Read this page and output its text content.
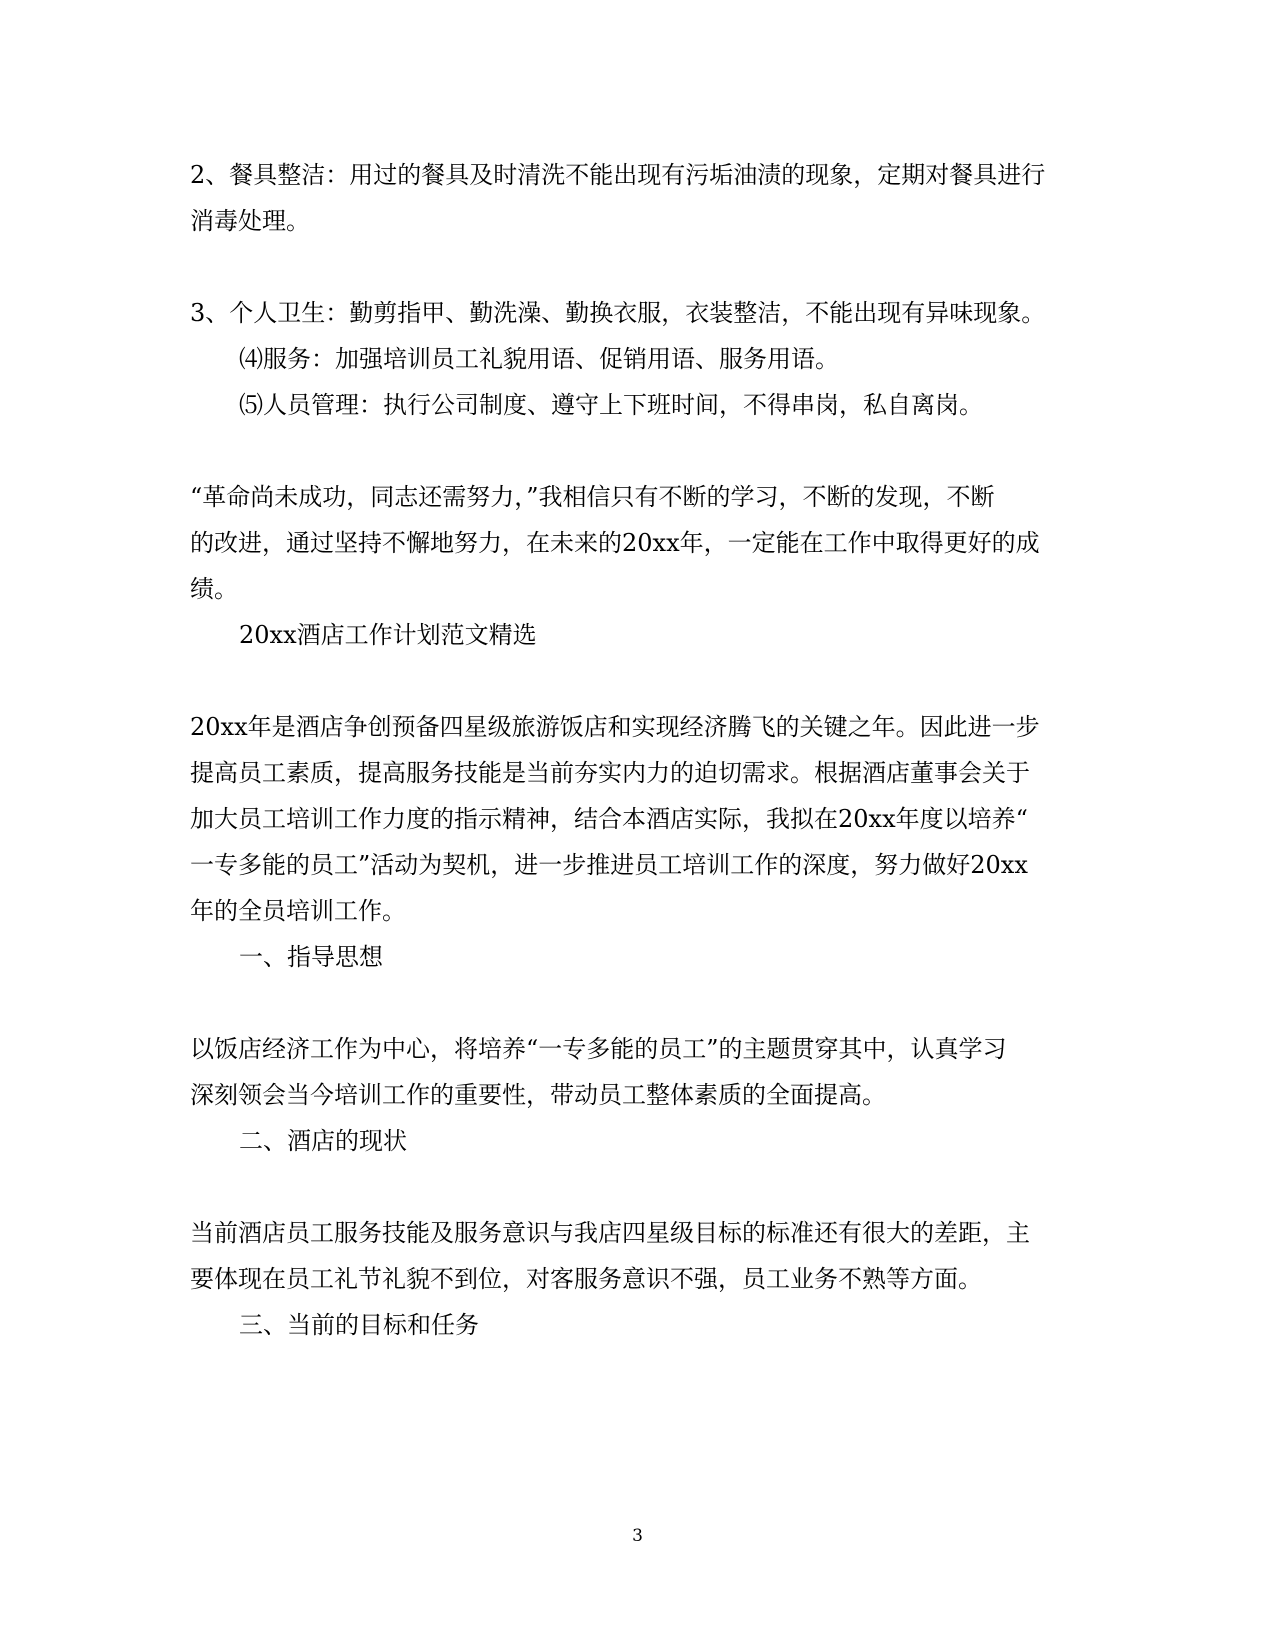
2、餐具整洁：用过的餐具及时清洗不能出现有污垢油渍的现象，定期对餐具进行
消毒处理。
3、个人卫生：勤剪指甲、勤洗澡、勤换衣服，衣装整洁，不能出现有异味现象。
⑷服务：加强培训员工礼貌用语、促销用语、服务用语。
⑸人员管理：执行公司制度、遵守上下班时间，不得串岗，私自离岗。
“革命尚未成功，同志还需努力，”我相信只有不断的学习，不断的发现，不断
的改进，通过坚持不懈地努力，在未来的20xx年，一定能在工作中取得更好的成
绩。
20xx酒店工作计划范文精选
20xx年是酒店争创预备四星级旅游饭店和实现经济腾飞的关键之年。因此进一步
提高员工素质，提高服务技能是当前夯实内力的迫切需求。根据酒店董事会关于
加大员工培训工作力度的指示精神，结合本酒店实际，我拟在20xx年度以培养“
一专多能的员工”活动为契机，进一步推进员工培训工作的深度，努力做好20xx
年的全员培训工作。
一、指导思想
以饭店经济工作为中心，将培养“一专多能的员工”的主题贯穿其中，认真学习
深刻领会当今培训工作的重要性，带动员工整体素质的全面提高。
二、酒店的现状
当前酒店员工服务技能及服务意识与我店四星级目标的标准还有很大的差距，主
要体现在员工礼节礼貌不到位，对客服务意识不强，员工业务不熟等方面。
三、当前的目标和任务
3
